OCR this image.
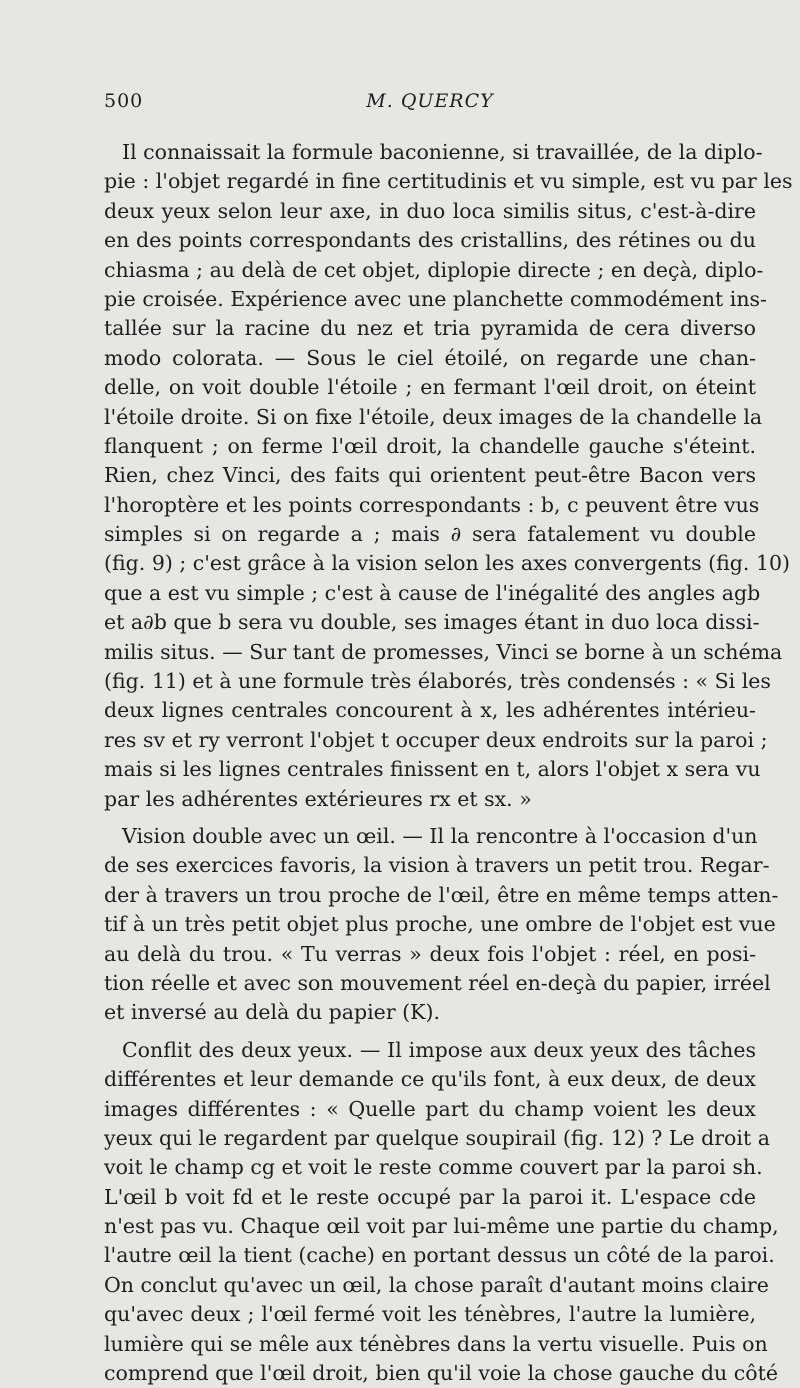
500	M. QUERCY
Il connaissait la formule baconienne, si travaillée, de la diplo-
pie : l'objet regardé in fine certitudinis et vu simple, est vu par les
deux yeux selon leur axe, in duo loca similis situs, c'est-à-dire
en des points correspondants des cristallins, des rétines ou du
chiasma ; au delà de cet objet, diplopie directe ; en deçà, diplo-
pie croisée. Expérience avec une planchette commodément ins-
tallée sur la racine du nez et tria pyramida de cera diverso
modo colorata. — Sous le ciel étoilé, on regarde une chan-
delle, on voit double l'étoile ; en fermant l'œil droit, on éteint
l'étoile droite. Si on fixe l'étoile, deux images de la chandelle la
flanquent ; on ferme l'œil droit, la chandelle gauche s'éteint.
Rien, chez Vinci, des faits qui orientent peut-être Bacon vers
l'horoptère et les points correspondants : b, c peuvent être vus
simples si on regarde a ; mais ∂ sera fatalement vu double
(fig. 9) ; c'est grâce à la vision selon les axes convergents (fig. 10)
que a est vu simple ; c'est à cause de l'inégalité des angles agb
et a∂b que b sera vu double, ses images étant in duo loca dissi-
milis situs. — Sur tant de promesses, Vinci se borne à un schéma
(fig. 11) et à une formule très élaborés, très condensés : « Si les
deux lignes centrales concourent à x, les adhérentes intérieu-
res sv et ry verront l'objet t occuper deux endroits sur la paroi ;
mais si les lignes centrales finissent en t, alors l'objet x sera vu
par les adhérentes extérieures rx et sx. »
Vision double avec un œil. — Il la rencontre à l'occasion d'un
de ses exercices favoris, la vision à travers un petit trou. Regar-
der à travers un trou proche de l'œil, être en même temps atten-
tif à un très petit objet plus proche, une ombre de l'objet est vue
au delà du trou. « Tu verras » deux fois l'objet : réel, en posi-
tion réelle et avec son mouvement réel en-deçà du papier, irréel
et inversé au delà du papier (K).
Conflit des deux yeux. — Il impose aux deux yeux des tâches
différentes et leur demande ce qu'ils font, à eux deux, de deux
images différentes : « Quelle part du champ voient les deux
yeux qui le regardent par quelque soupirail (fig. 12) ? Le droit a
voit le champ cg et voit le reste comme couvert par la paroi sh.
L'œil b voit fd et le reste occupé par la paroi it. L'espace cde
n'est pas vu. Chaque œil voit par lui-même une partie du champ,
l'autre œil la tient (cache) en portant dessus un côté de la paroi.
On conclut qu'avec un œil, la chose paraît d'autant moins claire
qu'avec deux ; l'œil fermé voit les ténèbres, l'autre la lumière,
lumière qui se mêle aux ténèbres dans la vertu visuelle. Puis on
comprend que l'œil droit, bien qu'il voie la chose gauche du côté
